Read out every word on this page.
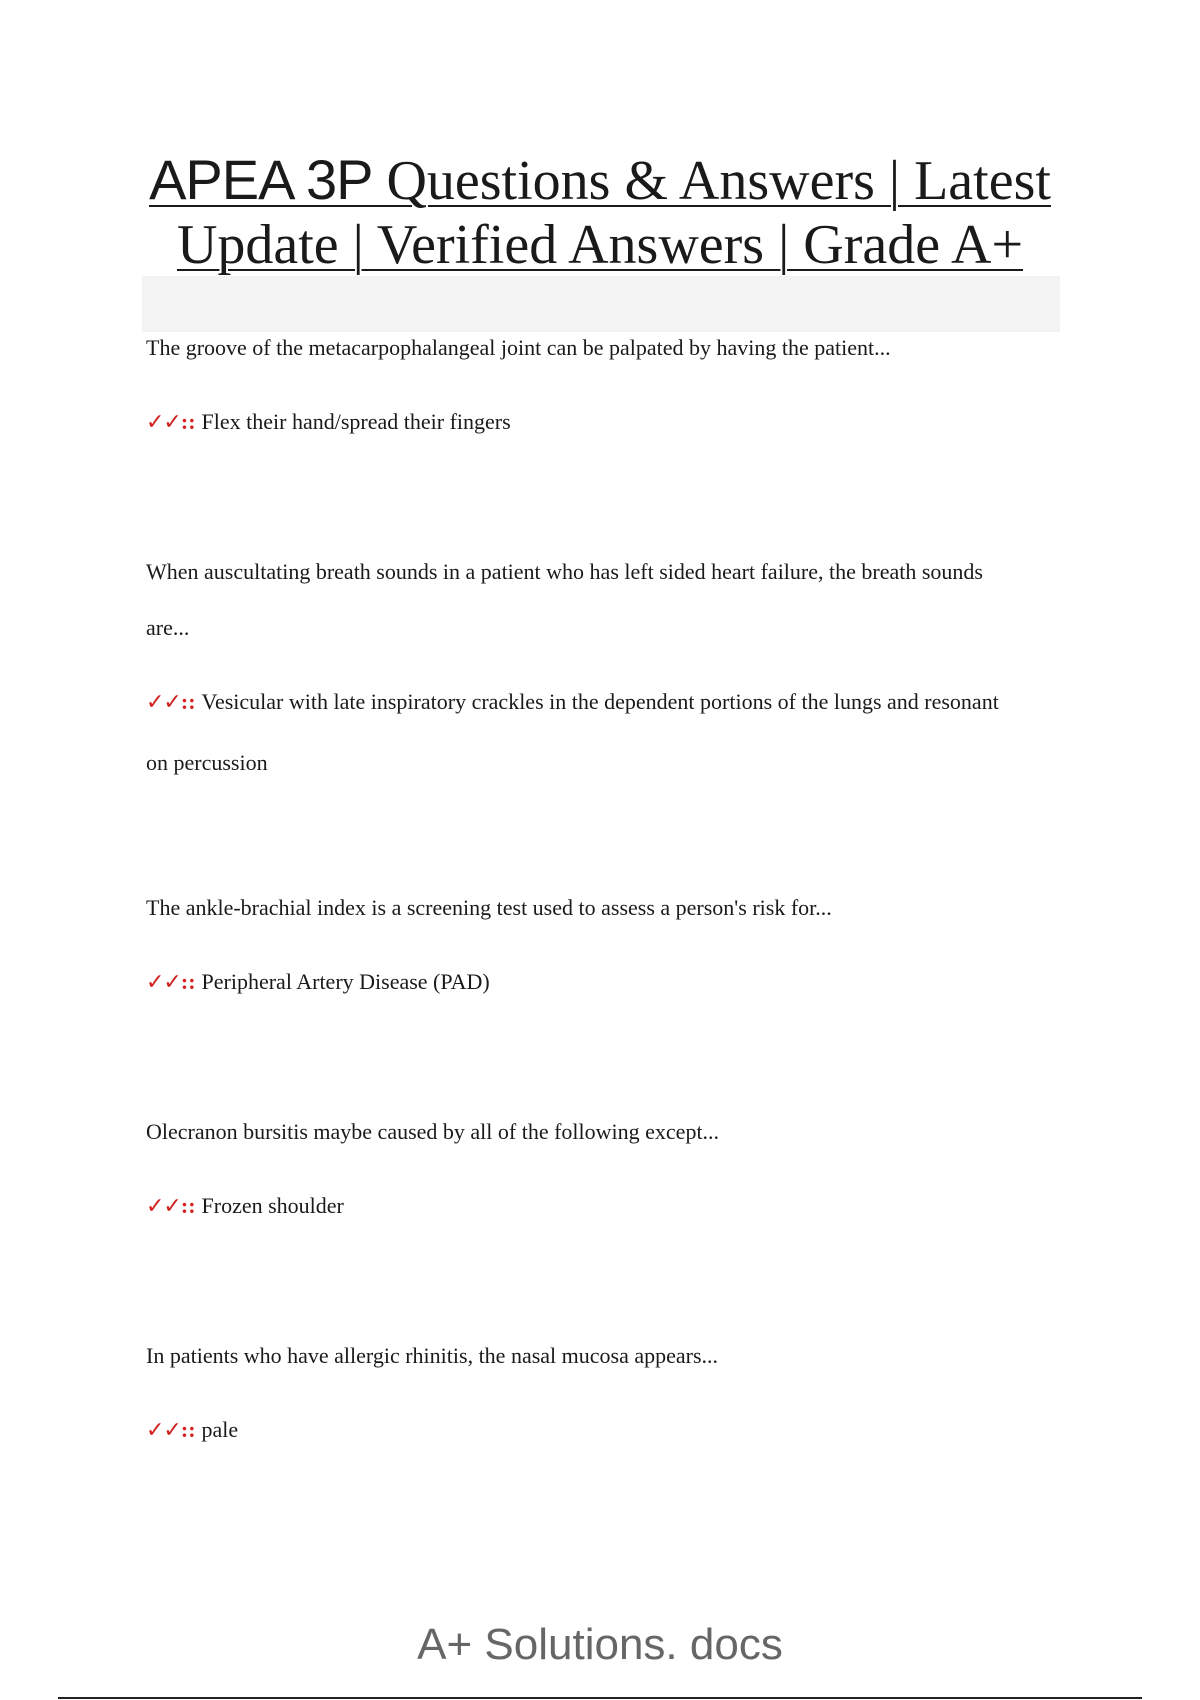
APEA 3P Questions & Answers | Latest
Update | Verified Answers | Grade A+

The groove of the metacarpophalangeal joint can be palpated by having the patient...

✓✓:: Flex their hand/spread their fingers

When auscultating breath sounds in a patient who has left sided heart failure, the breath sounds are...

✓✓:: Vesicular with late inspiratory crackles in the dependent portions of the lungs and resonant on percussion

The ankle-brachial index is a screening test used to assess a person's risk for...

✓✓:: Peripheral Artery Disease (PAD)

Olecranon bursitis maybe caused by all of the following except...

✓✓:: Frozen shoulder

In patients who have allergic rhinitis, the nasal mucosa appears...

✓✓:: pale

A+ Solutions. docs
